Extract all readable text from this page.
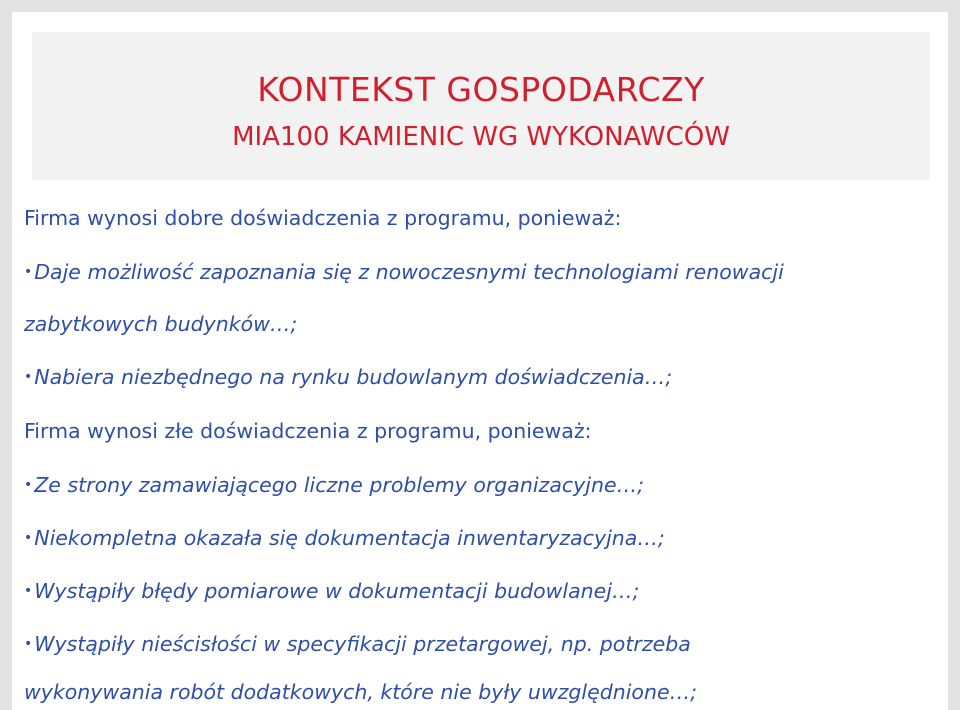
KONTEKST GOSPODARCZY
MIA100 KAMIENIC WG WYKONAWCÓW
Firma wynosi dobre doświadczenia z programu, ponieważ:
•Daje możliwość zapoznania się z nowoczesnymi technologiami renowacji
zabytkowych budynków…;
•Nabiera niezbędnego na rynku budowlanym doświadczenia…;
Firma wynosi złe doświadczenia z programu, ponieważ:
•Ze strony zamawiającego liczne problemy organizacyjne…;
•Niekompletna okazała się dokumentacja inwentaryzacyjna…;
•Wystąpiły błędy pomiarowe w dokumentacji budowlanej…;
•Wystąpiły nieścisłości w specyfikacji przetargowej, np. potrzeba
wykonywania robót dodatkowych, które nie były uwzględnione…;
